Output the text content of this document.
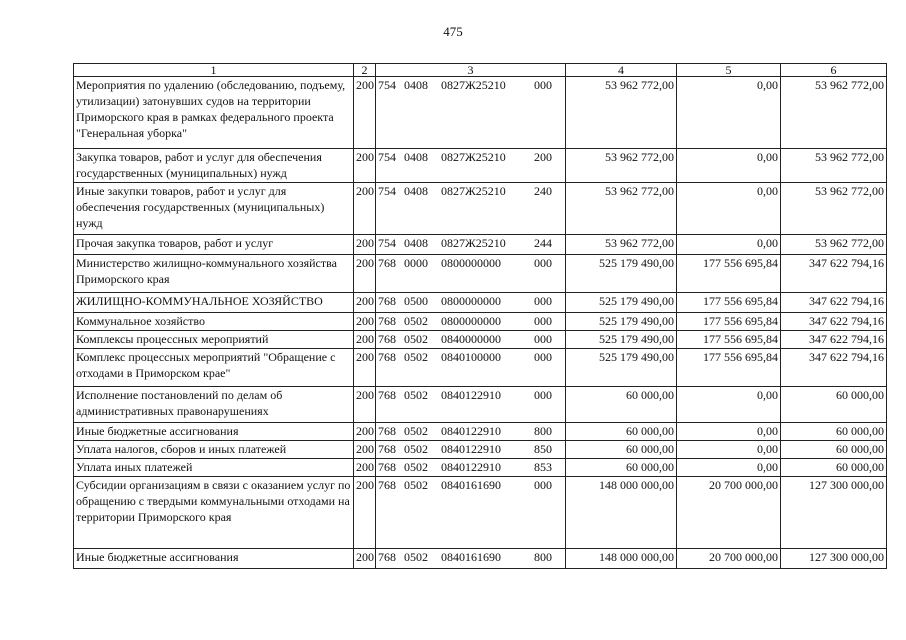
475
1	2	3	4	5	6
Мероприятия по удалению (обследованию, подъему, утилизации) затонувших судов на территории Приморского края в рамках федерального проекта "Генеральная уборка"	200	754 0408 0827Ж25210 000	53 962 772,00	0,00	53 962 772,00
Закупка товаров, работ и услуг для обеспечения государственных (муниципальных) нужд	200	754 0408 0827Ж25210 200	53 962 772,00	0,00	53 962 772,00
Иные закупки товаров, работ и услуг для обеспечения государственных (муниципальных) нужд	200	754 0408 0827Ж25210 240	53 962 772,00	0,00	53 962 772,00
Прочая закупка товаров, работ и услуг	200	754 0408 0827Ж25210 244	53 962 772,00	0,00	53 962 772,00
Министерство жилищно-коммунального хозяйства Приморского края	200	768 0000 0800000000 000	525 179 490,00	177 556 695,84	347 622 794,16
ЖИЛИЩНО-КОММУНАЛЬНОЕ ХОЗЯЙСТВО	200	768 0500 0800000000 000	525 179 490,00	177 556 695,84	347 622 794,16
Коммунальное хозяйство	200	768 0502 0800000000 000	525 179 490,00	177 556 695,84	347 622 794,16
Комплексы процессных мероприятий	200	768 0502 0840000000 000	525 179 490,00	177 556 695,84	347 622 794,16
Комплекс процессных мероприятий "Обращение с отходами в Приморском крае"	200	768 0502 0840100000 000	525 179 490,00	177 556 695,84	347 622 794,16
Исполнение постановлений по делам об административных правонарушениях	200	768 0502 0840122910 000	60 000,00	0,00	60 000,00
Иные бюджетные ассигнования	200	768 0502 0840122910 800	60 000,00	0,00	60 000,00
Уплата налогов, сборов и иных платежей	200	768 0502 0840122910 850	60 000,00	0,00	60 000,00
Уплата иных платежей	200	768 0502 0840122910 853	60 000,00	0,00	60 000,00
Субсидии организациям в связи с оказанием услуг по обращению с твердыми коммунальными отходами на территории Приморского края	200	768 0502 0840161690 000	148 000 000,00	20 700 000,00	127 300 000,00
Иные бюджетные ассигнования	200	768 0502 0840161690 800	148 000 000,00	20 700 000,00	127 300 000,00
